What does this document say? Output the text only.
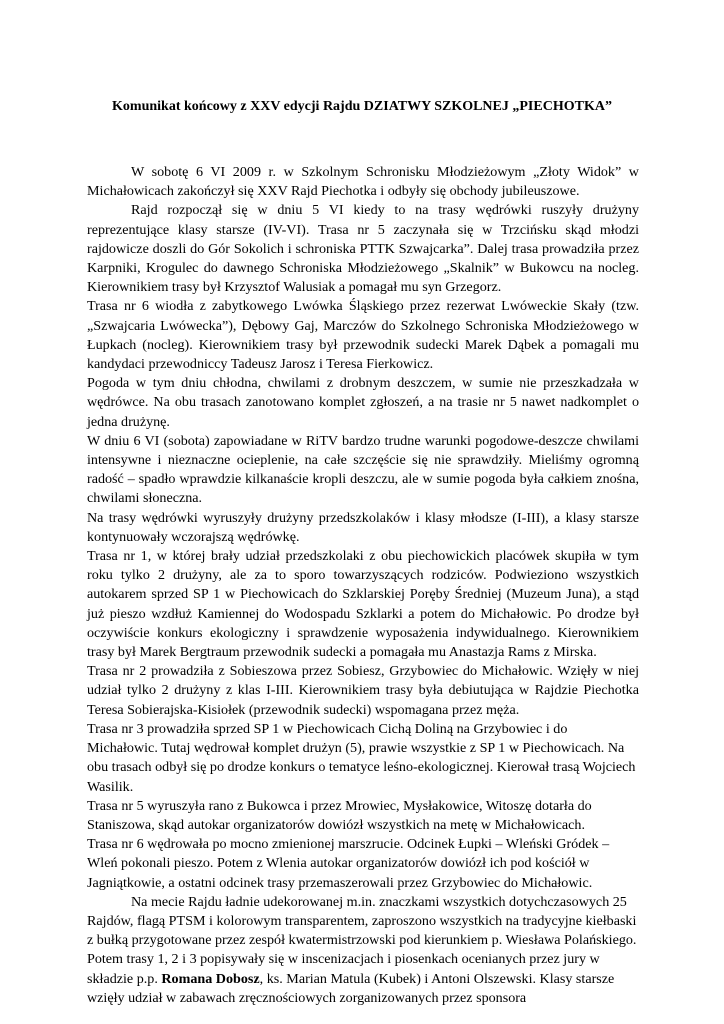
Komunikat końcowy z XXV edycji Rajdu DZIATWY SZKOLNEJ „PIECHOTKA”

W sobotę 6 VI 2009 r. w Szkolnym Schronisku Młodzieżowym „Złoty Widok” w Michałowicach zakończył się XXV Rajd Piechotka i odbyły się obchody jubileuszowe.

Rajd rozpoczął się w dniu 5 VI kiedy to na trasy wędrówki ruszyły drużyny reprezentujące klasy starsze (IV-VI). Trasa nr 5 zaczynała się w Trzcińsku skąd młodzi rajdowicze doszli do Gór Sokolich i schroniska PTTK Szwajcarka”. Dalej trasa prowadziła przez Karpniki, Krogulec do dawnego Schroniska Młodzieżowego „Skalnik” w Bukowcu na nocleg. Kierownikiem trasy był Krzysztof Walusiak a pomagał mu syn Grzegorz.

Trasa nr 6 wiodła z zabytkowego Lwówka Śląskiego przez rezerwat Lwóweckie Skały (tzw. „Szwajcaria Lwówecka”), Dębowy Gaj, Marczów do Szkolnego Schroniska Młodzieżowego w Łupkach (nocleg). Kierownikiem trasy był przewodnik sudecki Marek Dąbek a pomagali mu kandydaci przewodniccy Tadeusz Jarosz i Teresa Fierkowicz.

Pogoda w tym dniu chłodna, chwilami z drobnym deszczem, w sumie nie przeszkadzała w wędrówce. Na obu trasach zanotowano komplet zgłoszeń, a na trasie nr 5 nawet nadkomplet o jedna drużynę.

W dniu 6 VI (sobota) zapowiadane w RiTV bardzo trudne warunki pogodowe-deszcze chwilami intensywne i nieznaczne ocieplenie, na całe szczęście się nie sprawdziły. Mieliśmy ogromną radość – spadło wprawdzie kilkanaście kropli deszczu, ale w sumie pogoda była całkiem znośna, chwilami słoneczna.

Na trasy wędrówki wyruszyły drużyny przedszkolaków i klasy młodsze (I-III), a klasy starsze kontynuowały wczorajszą wędrówkę.

Trasa nr 1, w której brały udział przedszkolaki z obu piechowickich placówek skupiła w tym roku tylko 2 drużyny, ale za to sporo towarzyszących rodziców. Podwieziono wszystkich autokarem sprzed SP 1 w Piechowicach do Szklarskiej Poręby Średniej (Muzeum Juna), a stąd już pieszo wzdłuż Kamiennej do Wodospadu Szklarki a potem do Michałowic. Po drodze był oczywiście konkurs ekologiczny i sprawdzenie wyposażenia indywidualnego. Kierownikiem trasy był Marek Bergtraum przewodnik sudecki a pomagała mu Anastazja Rams z Mirska.

Trasa nr 2 prowadziła z Sobieszowa przez Sobiesz, Grzybowiec do Michałowic. Wzięły w niej udział tylko 2 drużyny z klas I-III. Kierownikiem trasy była debiutująca w Rajdzie Piechotka Teresa Sobierajska-Kisiołek (przewodnik sudecki) wspomagana przez męża.

Trasa nr 3 prowadziła sprzed SP 1 w Piechowicach Cichą Doliną na Grzybowiec i do Michałowic. Tutaj wędrował komplet drużyn (5), prawie wszystkie z SP 1 w Piechowicach. Na obu trasach odbył się po drodze konkurs o tematyce leśno-ekologicznej. Kierował trasą Wojciech Wasilik.

Trasa nr 5 wyruszyła rano z Bukowca i przez Mrowiec, Mysłakowice, Witoszę dotarła do Staniszowa, skąd autokar organizatorów dowiózł wszystkich na metę w Michałowicach.

Trasa nr 6 wędrowała po mocno zmienionej marszrucie. Odcinek Łupki – Wleński Gródek – Wleń pokonali pieszo. Potem z Wlenia autokar organizatorów dowiózł ich pod kościół w Jagniątkowie, a ostatni odcinek trasy przemaszerowali przez Grzybowiec do Michałowic.

Na mecie Rajdu ładnie udekorowanej m.in. znaczkami wszystkich dotychczasowych 25 Rajdów, flagą PTSM i kolorowym transparentem, zaproszono wszystkich na tradycyjne kiełbaski z bułką przygotowane przez zespół kwatermistrzowski pod kierunkiem p. Wiesława Polańskiego. Potem trasy 1, 2 i 3 popisywały się w inscenizacjach i piosenkach ocenianych przez jury w składzie p.p. Romana Dobosz, ks. Marian Matula (Kubek) i Antoni Olszewski. Klasy starsze wzięły udział w zabawach zręcznościowych zorganizowanych przez sponsora
